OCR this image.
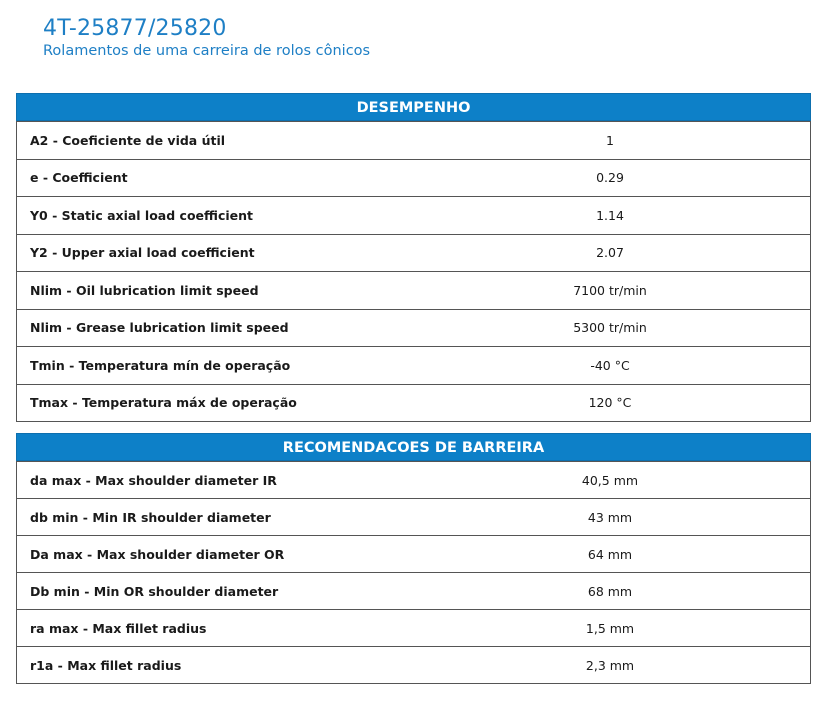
4T-25877/25820
Rolamentos de uma carreira de rolos cônicos
DESEMPENHO
A2 - Coeficiente de vida útil	1
e - Coefficient	0.29
Y0 - Static axial load coefficient	1.14
Y2 - Upper axial load coefficient	2.07
Nlim - Oil lubrication limit speed	7100 tr/min
Nlim - Grease lubrication limit speed	5300 tr/min
Tmin - Temperatura mín de operação	-40 °C
Tmax - Temperatura máx de operação	120 °C
RECOMENDACOES DE BARREIRA
da max - Max shoulder diameter IR	40,5 mm
db min - Min IR shoulder diameter	43 mm
Da max - Max shoulder diameter OR	64 mm
Db min - Min OR shoulder diameter	68 mm
ra max - Max fillet radius	1,5 mm
r1a - Max fillet radius	2,3 mm
